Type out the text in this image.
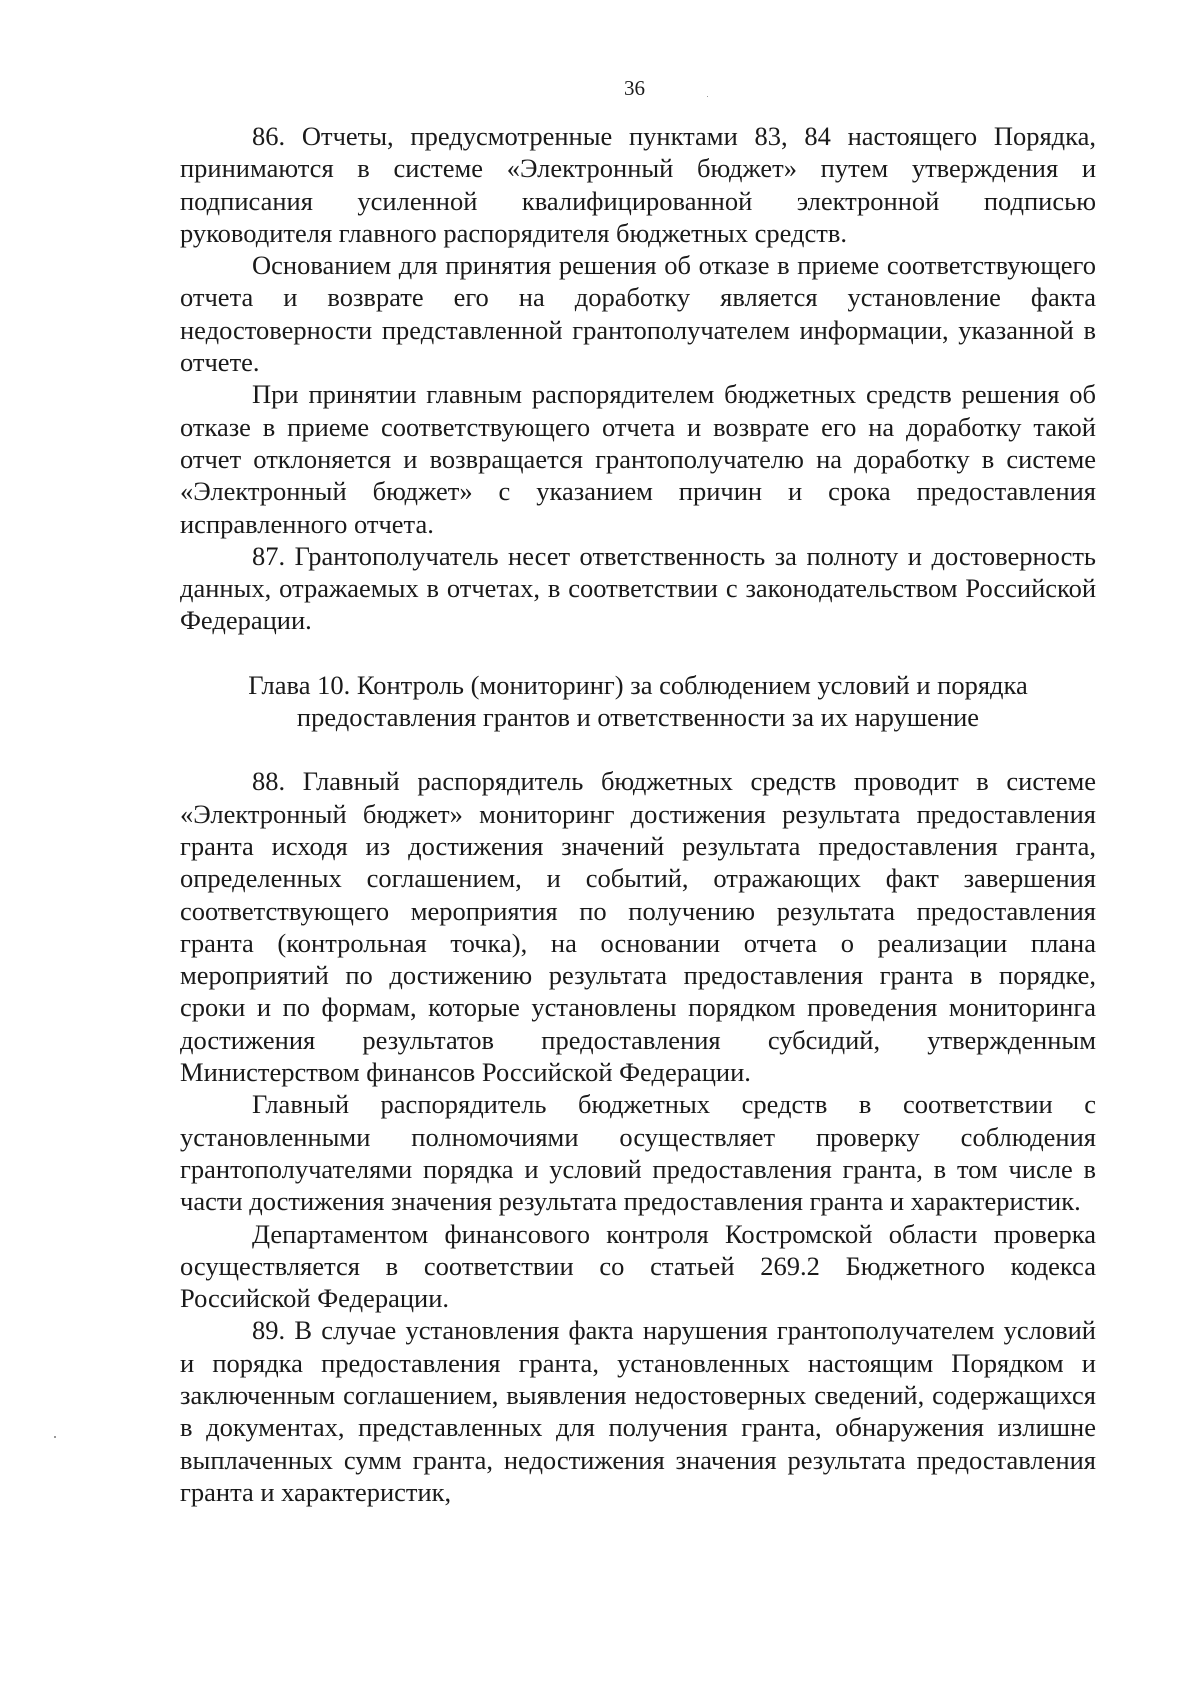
36

86. Отчеты, предусмотренные пунктами 83, 84 настоящего Порядка, принимаются в системе «Электронный бюджет» путем утверждения и подписания усиленной квалифицированной электронной подписью руководителя главного распорядителя бюджетных средств.

Основанием для принятия решения об отказе в приеме соответствующего отчета и возврате его на доработку является установление факта недостоверности представленной грантополучателем информации, указанной в отчете.

При принятии главным распорядителем бюджетных средств решения об отказе в приеме соответствующего отчета и возврате его на доработку такой отчет отклоняется и возвращается грантополучателю на доработку в системе «Электронный бюджет» с указанием причин и срока предоставления исправленного отчета.

87. Грантополучатель несет ответственность за полноту и достоверность данных, отражаемых в отчетах, в соответствии с законодательством Российской Федерации.

Глава 10. Контроль (мониторинг) за соблюдением условий и порядка
предоставления грантов и ответственности за их нарушение

88. Главный распорядитель бюджетных средств проводит в системе «Электронный бюджет» мониторинг достижения результата предоставления гранта исходя из достижения значений результата предоставления гранта, определенных соглашением, и событий, отражающих факт завершения соответствующего мероприятия по получению результата предоставления гранта (контрольная точка), на основании отчета о реализации плана мероприятий по достижению результата предоставления гранта в порядке, сроки и по формам, которые установлены порядком проведения мониторинга достижения результатов предоставления субсидий, утвержденным Министерством финансов Российской Федерации.

Главный распорядитель бюджетных средств в соответствии с установленными полномочиями осуществляет проверку соблюдения грантополучателями порядка и условий предоставления гранта, в том числе в части достижения значения результата предоставления гранта и характеристик.

Департаментом финансового контроля Костромской области проверка осуществляется в соответствии со статьей 269.2 Бюджетного кодекса Российской Федерации.

89. В случае установления факта нарушения грантополучателем условий и порядка предоставления гранта, установленных настоящим Порядком и заключенным соглашением, выявления недостоверных сведений, содержащихся в документах, представленных для получения гранта, обнаружения излишне выплаченных сумм гранта, недостижения значения результата предоставления гранта и характеристик,
